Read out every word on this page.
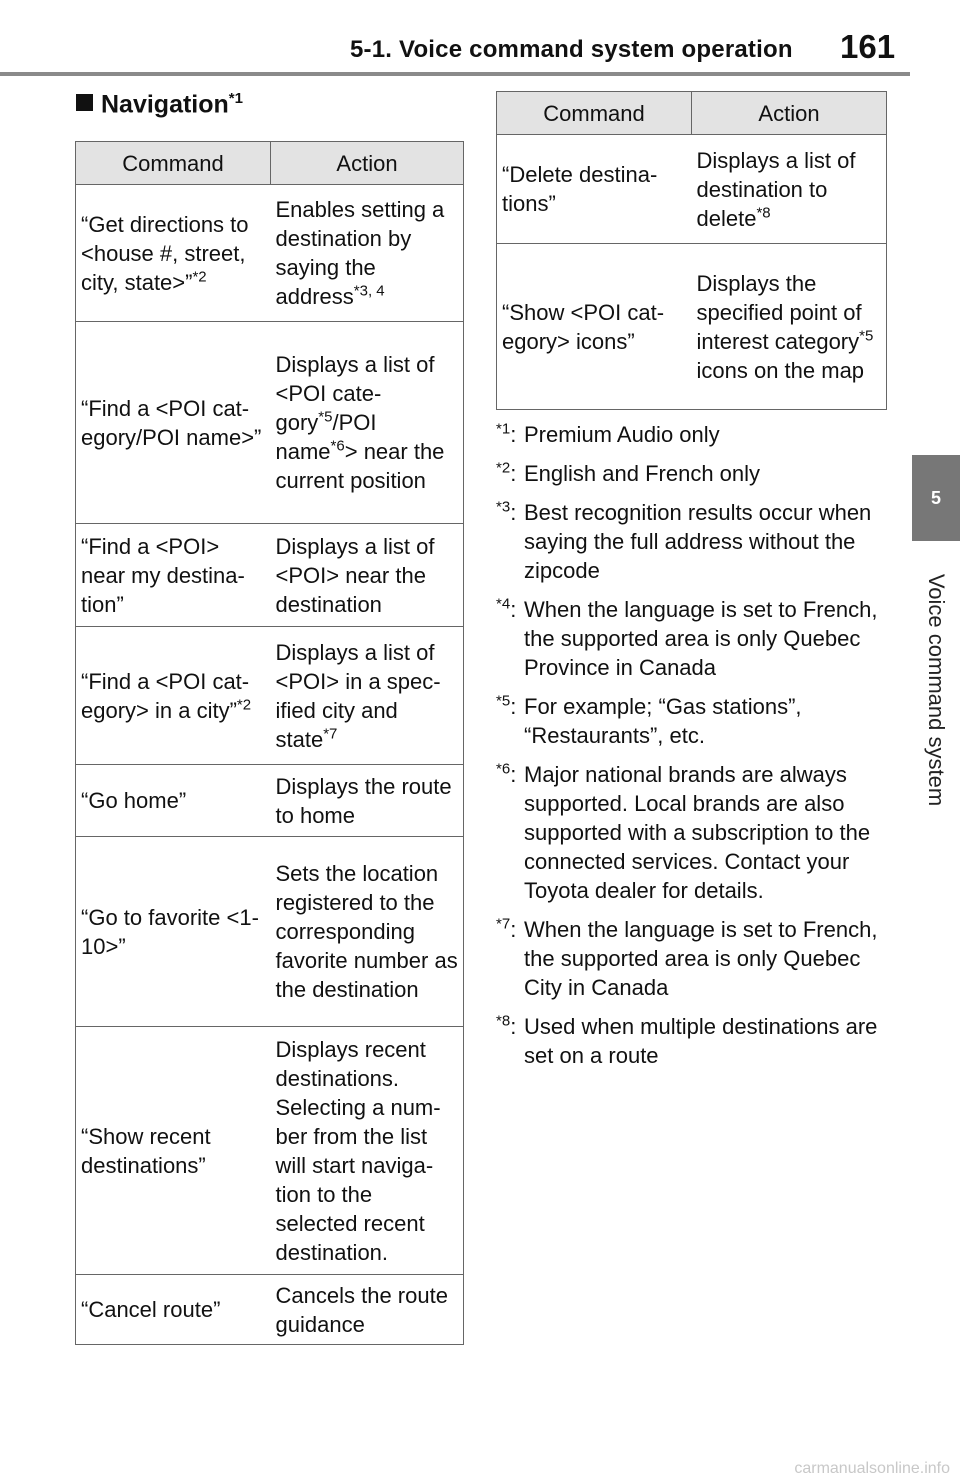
5-1. Voice command system operation 161
5
Voice command system
Navigation$^{*1}$
Command	Action
“Get directions to <house #, street, city, state>”$^{*2}$	Enables setting a destination by saying the address$^{*3, 4}$
“Find a <POI category/POI name>”	Displays a list of <POI category$^{*5}$/POI name$^{*6}$> near the current position
“Find a <POI> near my destination”	Displays a list of <POI> near the destination
“Find a <POI category> in a city”$^{*2}$	Displays a list of <POI> in a specified city and state$^{*7}$
“Go home”	Displays the route to home
“Go to favorite <1-10>”	Sets the location registered to the corresponding favorite number as the destination
“Show recent destinations”	Displays recent destinations. Selecting a number from the list will start navigation to the selected recent destination.
“Cancel route”	Cancels the route guidance
Command	Action
“Delete destinations”	Displays a list of destination to delete$^{*8}$
“Show <POI category> icons”	Displays the specified point of interest category$^{*5}$ icons on the map
$^{*1}$: Premium Audio only
$^{*2}$: English and French only
$^{*3}$: Best recognition results occur when saying the full address without the zipcode
$^{*4}$: When the language is set to French, the supported area is only Quebec Province in Canada
$^{*5}$: For example; “Gas stations”, “Restaurants”, etc.
$^{*6}$: Major national brands are always supported. Local brands are also supported with a subscription to the connected services. Contact your Toyota dealer for details.
$^{*7}$: When the language is set to French, the supported area is only Quebec City in Canada
$^{*8}$: Used when multiple destinations are set on a route
carmanualsonline.info
